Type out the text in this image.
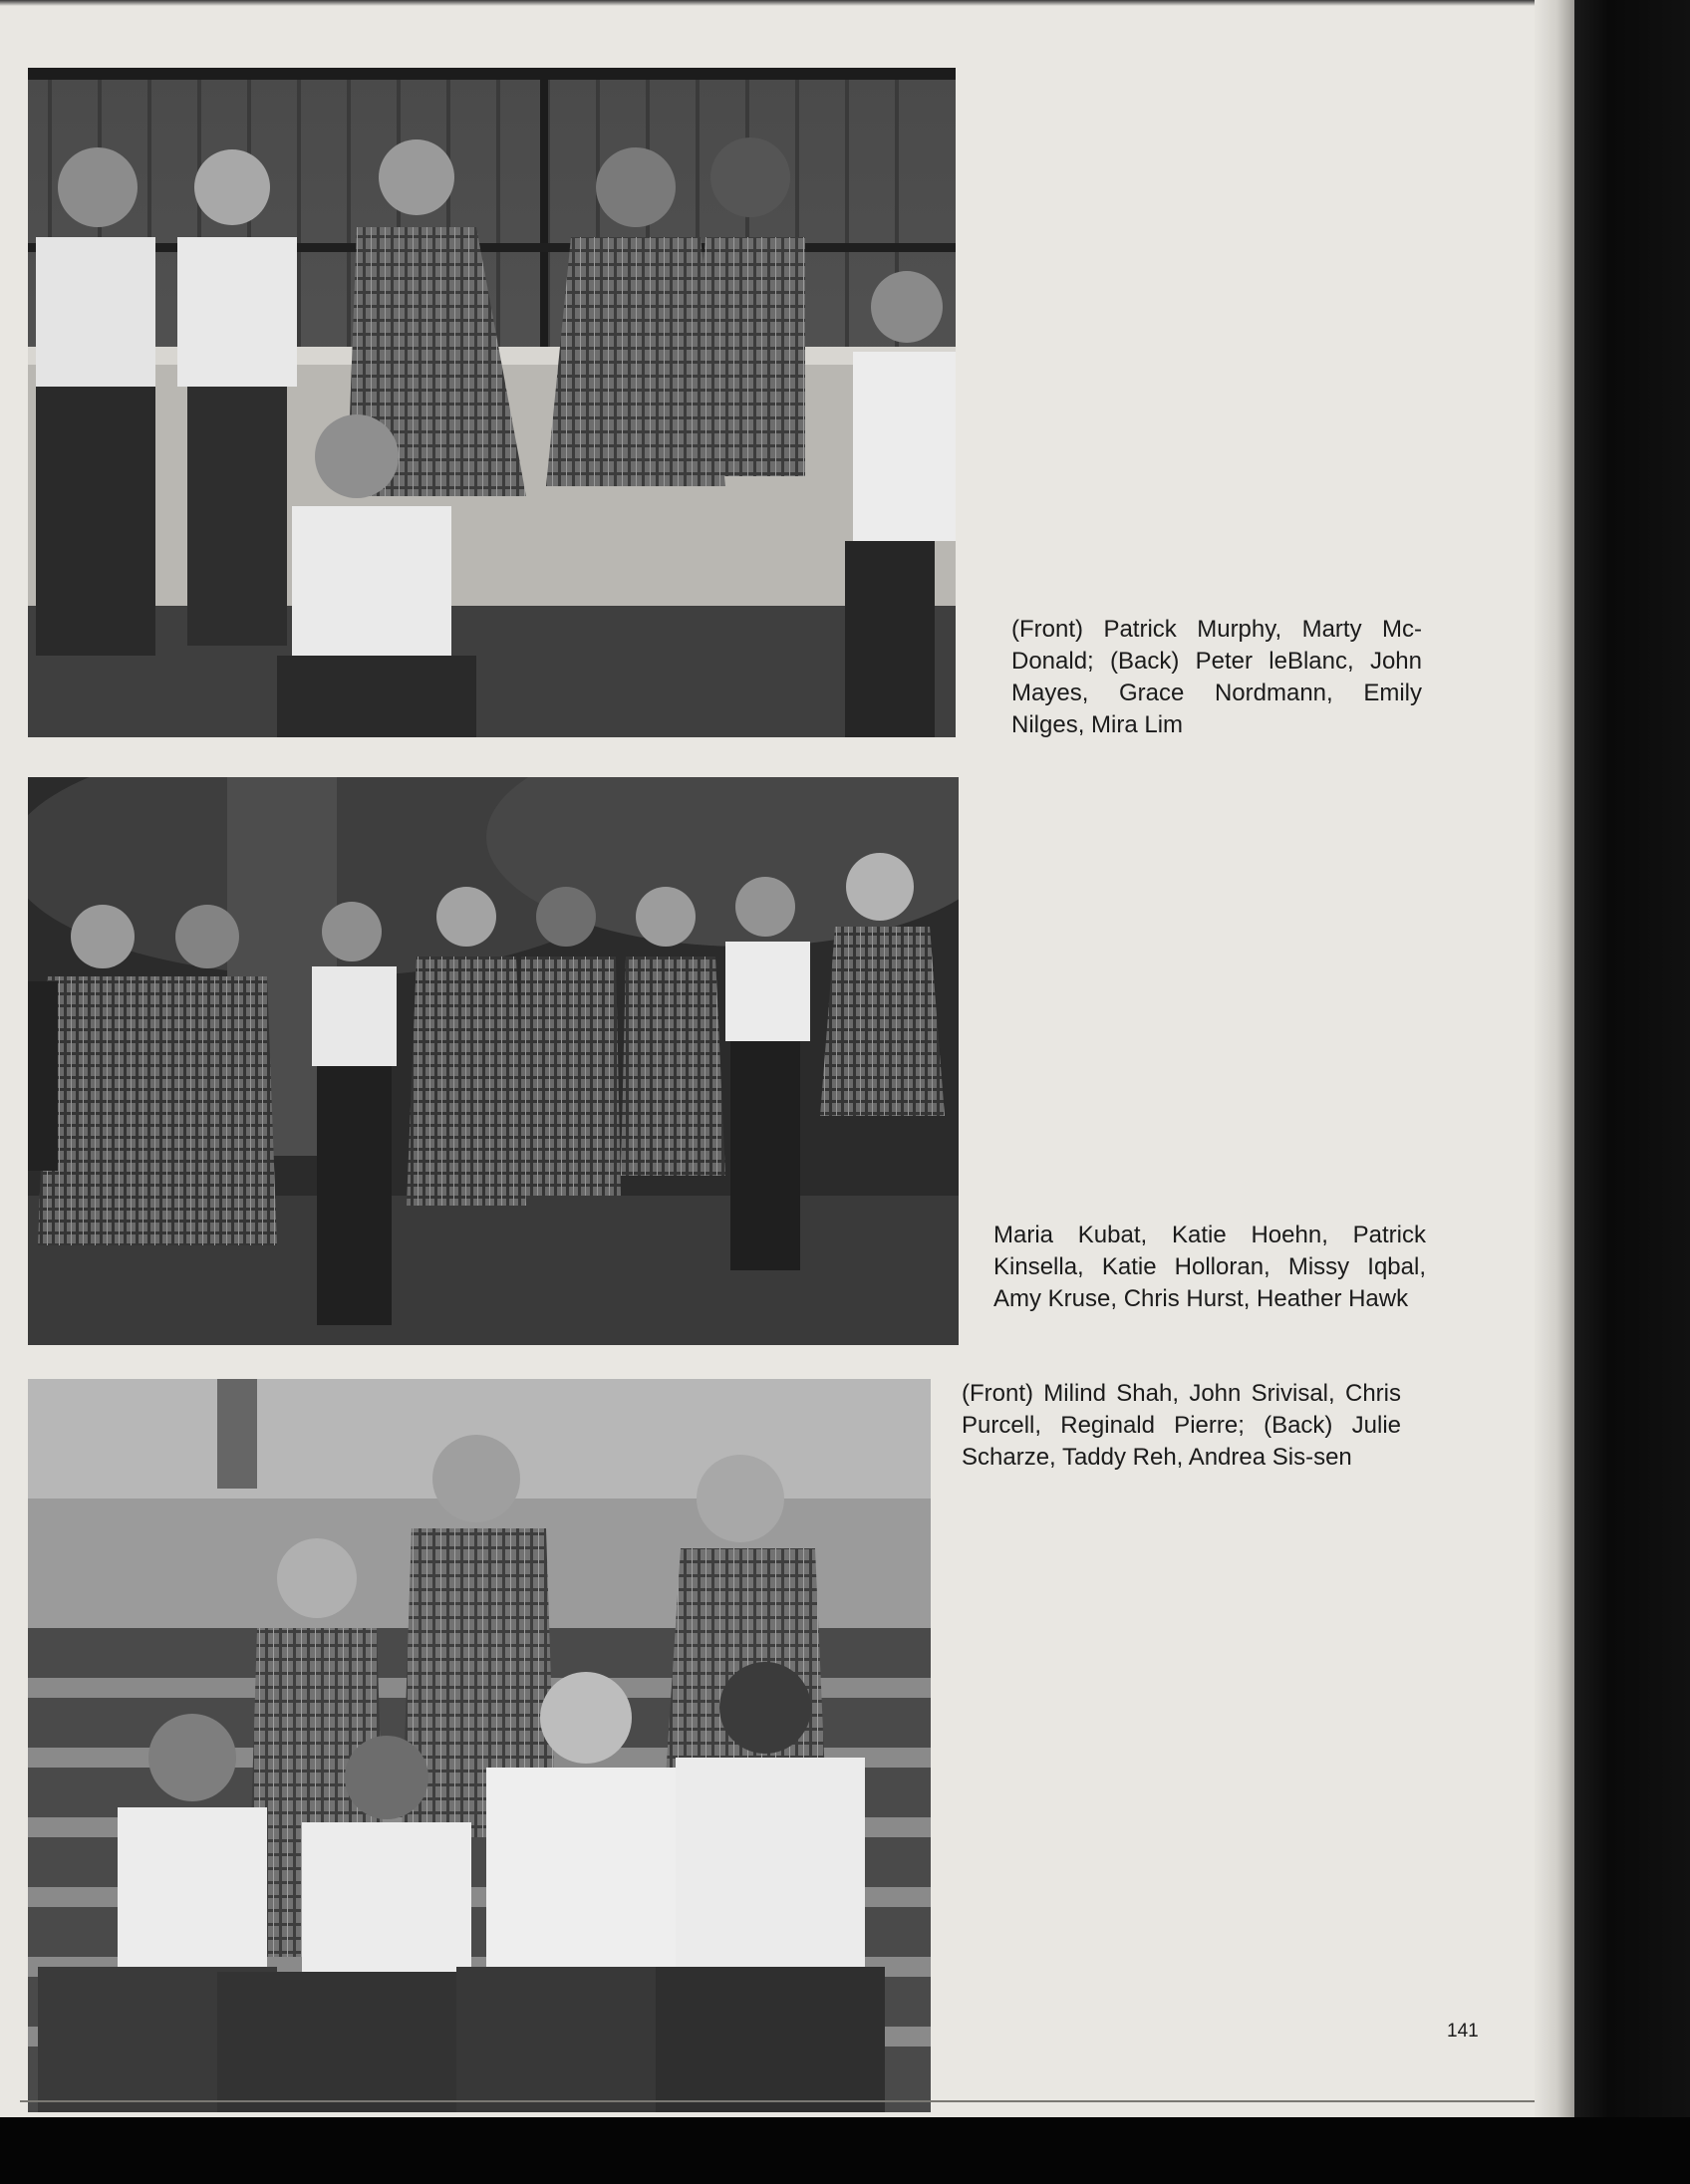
(Front) Patrick Murphy, Marty Mc-Donald; (Back) Peter leBlanc, John Mayes, Grace Nordmann, Emily Nilges, Mira Lim

Maria Kubat, Katie Hoehn, Patrick Kinsella, Katie Holloran, Missy Iqbal, Amy Kruse, Chris Hurst, Heather Hawk

(Front) Milind Shah, John Srivisal, Chris Purcell, Reginald Pierre; (Back) Julie Scharze, Taddy Reh, Andrea Sis-sen

141
